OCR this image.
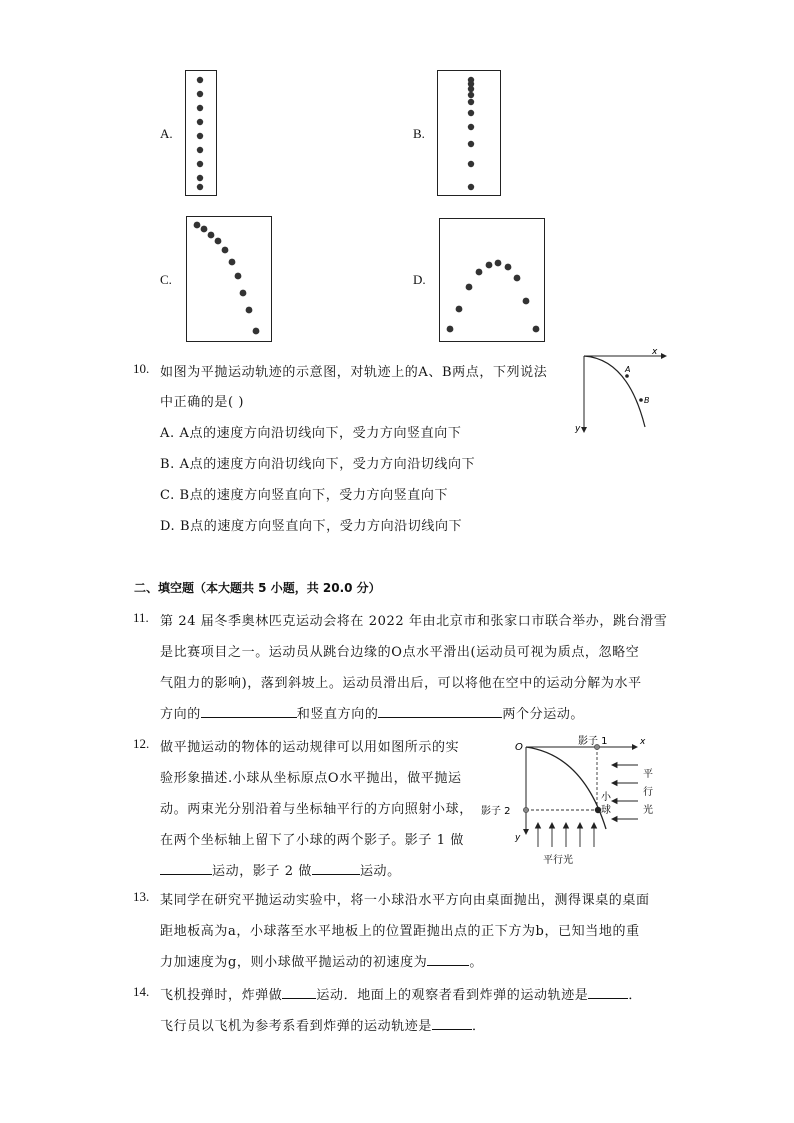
A.	B.
C.	D.
10. 如图为平抛运动轨迹的示意图，对轨迹上的A、B两点，下列说法
中正确的是( )
A. A点的速度方向沿切线向下，受力方向竖直向下
B. A点的速度方向沿切线向下，受力方向沿切线向下
C. B点的速度方向竖直向下，受力方向竖直向下
D. B点的速度方向竖直向下，受力方向沿切线向下
x
y
A
B
二、填空题（本大题共 5 小题，共 20.0 分）
11. 第 24 届冬季奥林匹克运动会将在 2022 年由北京市和张家口市联合举办，跳台滑雪
是比赛项目之一。运动员从跳台边缘的O点水平滑出(运动员可视为质点，忽略空
气阻力的影响)，落到斜坡上。运动员滑出后，可以将他在空中的运动分解为水平
方向的	和竖直方向的	两个分运动。
12. 做平抛运动的物体的运动规律可以用如图所示的实
验形象描述.小球从坐标原点O水平抛出，做平抛运
动。两束光分别沿着与坐标轴平行的方向照射小球，
在两个坐标轴上留下了小球的两个影子。影子 1 做
运动，影子 2 做	运动。
O
影子 1	x
影子 2
y
小
球
平
行
光
平行光
13. 某同学在研究平抛运动实验中，将一小球沿水平方向由桌面抛出，测得课桌的桌面
距地板高为a，小球落至水平地板上的位置距抛出点的正下方为b，已知当地的重
力加速度为g，则小球做平抛运动的初速度为	。
14. 飞机投弹时，炸弹做	运动．地面上的观察者看到炸弹的运动轨迹是	．
飞行员以飞机为参考系看到炸弹的运动轨迹是	．
